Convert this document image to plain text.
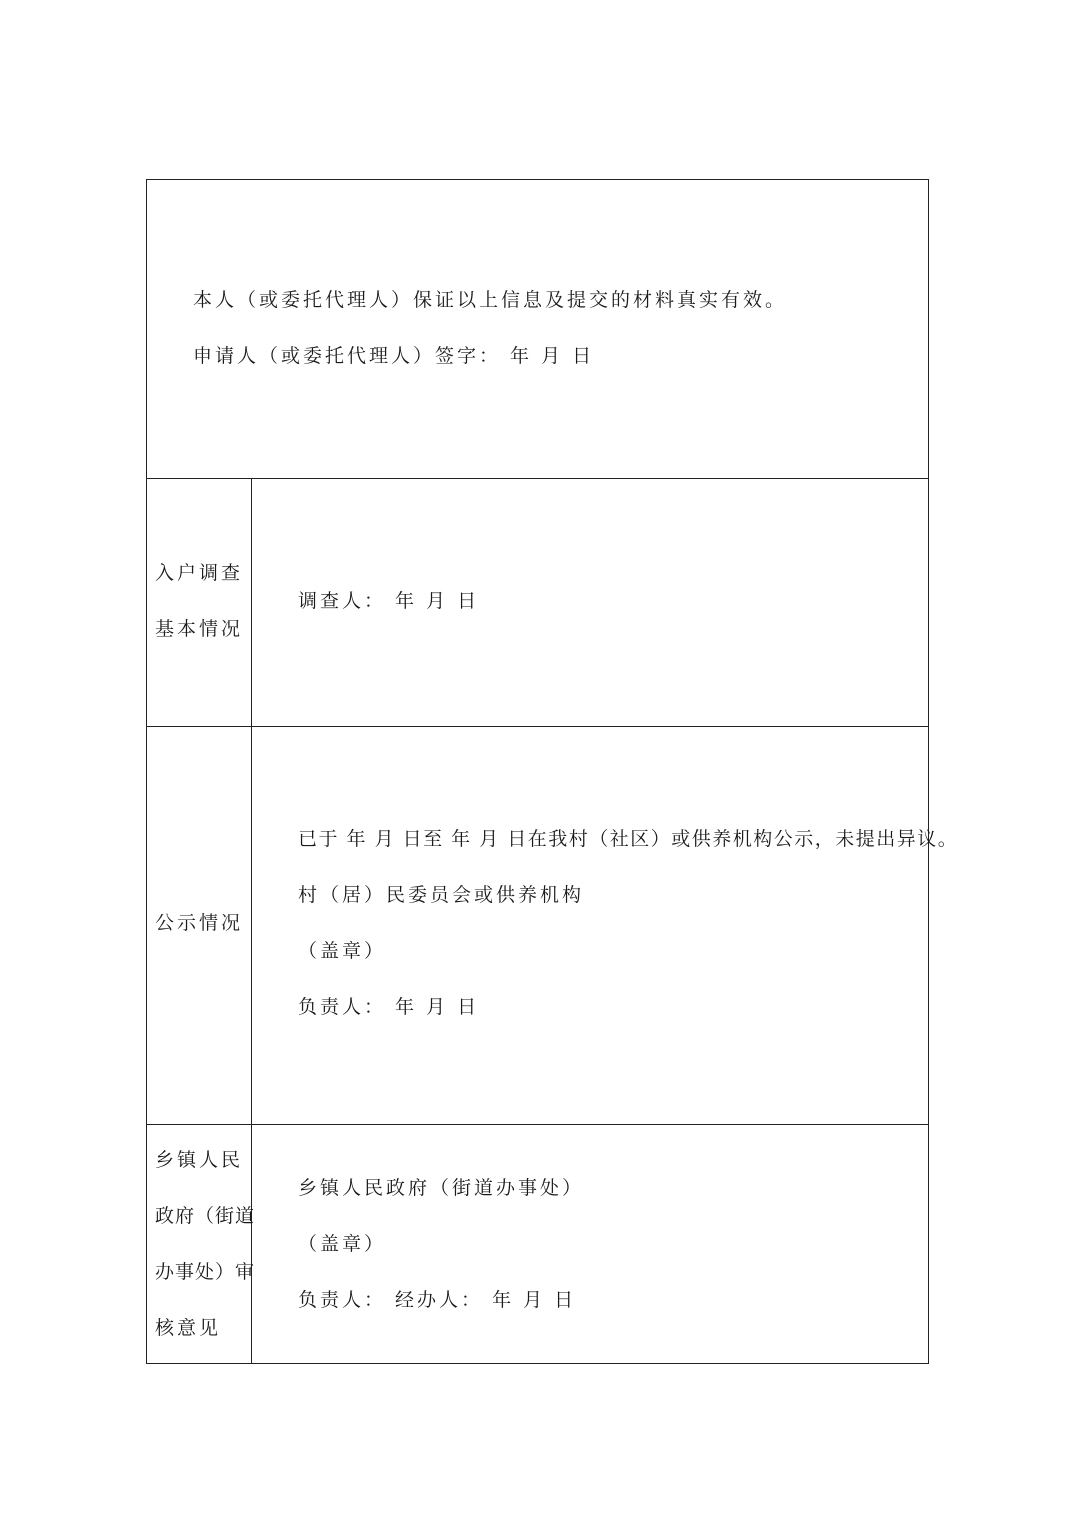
本人（或委托代理人）保证以上信息及提交的材料真实有效。
申请人（或委托代理人）签字： 年 月 日
入户调查
基本情况
调查人： 年 月 日
公示情况
已于 年 月 日至 年 月 日在我村（社区）或供养机构公示，未提出异议。
村（居）民委员会或供养机构
（盖章）
负责人： 年 月 日
乡镇人民
政府（街道
办事处）审
核意见
乡镇人民政府（街道办事处）
（盖章）
负责人： 经办人： 年 月 日
